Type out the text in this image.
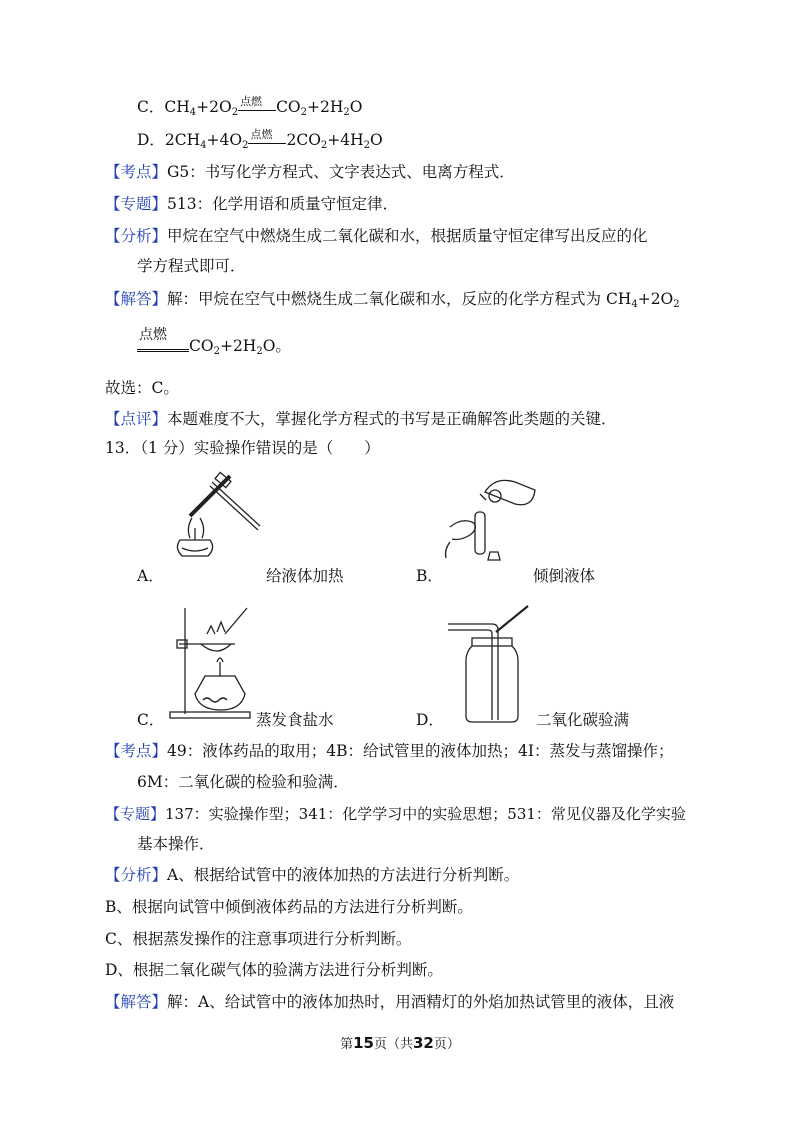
C．$CH_4+2O_2$
点燃 $CO_2+2H_2O$
D．$2CH_4+4O_2$
点燃 $2CO_2+4H_2O$
【考点】G5：书写化学方程式、文字表达式、电离方程式．
【专题】513：化学用语和质量守恒定律．
【分析】甲烷在空气中燃烧生成二氧化碳和水，根据质量守恒定律写出反应的化
学方程式即可．
【解答】解：甲烷在空气中燃烧生成二氧化碳和水，反应的化学方程式为 $CH_4+2O_2$
点燃
$CO_2+2H_2O$。
故选：C。
【点评】本题难度不大，掌握化学方程式的书写是正确解答此类题的关键．
13．（1 分）实验操作错误的是（　　）
A．	给液体加热	B．	倾倒液体
C．	蒸发食盐水	D．	二氧化碳验满
【考点】49：液体药品的取用；4B：给试管里的液体加热；4I：蒸发与蒸馏操作；
6M：二氧化碳的检验和验满．
【专题】137：实验操作型；341：化学学习中的实验思想；531：常见仪器及化学实验
基本操作．
【分析】A、根据给试管中的液体加热的方法进行分析判断。
B、根据向试管中倾倒液体药品的方法进行分析判断。
C、根据蒸发操作的注意事项进行分析判断。
D、根据二氧化碳气体的验满方法进行分析判断。
【解答】解：A、给试管中的液体加热时，用酒精灯的外焰加热试管里的液体，且液
第15页（共32页）
